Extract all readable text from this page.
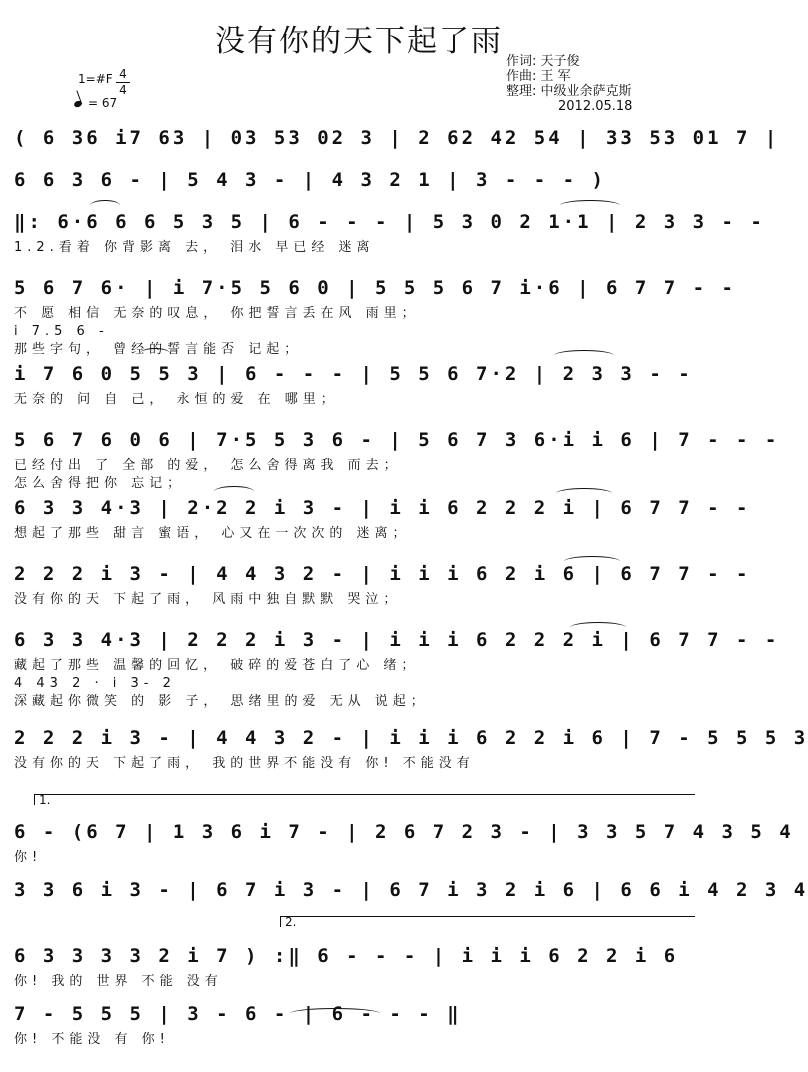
没有你的天下起了雨
作词: 天子俊
作曲: 王 军
整理: 中级业余萨克斯
2012.05.18
1=#F 4
4
= 67
( 6 36 i7 63 | 03 53 02 3 | 2 62 42 54 | 33 53 01 7 |
6 6 3 6 - | 5 4 3 - | 4 3 2 1 | 3 - - - )
‖: 6·6 6 6 5 3 5 | 6 - - - | 5 3 0 2 1·1 | 2 3 3 - -
1.2.看着 你背影离 去， 泪水 早已经 迷离
5 6 7 6· | i 7·5 5 6 0 | 5 5 5 6 7 i·6 | 6 7 7 - -
不 愿 相信 无奈的叹息， 你把誓言丢在风 雨里；
i 7.5 6 -
那些字句， 曾经的誓言能否 记起；
i 7 6 0 5 5 3 | 6 - - - | 5 5 6 7·2 | 2 3 3 - -
无奈的 问 自 己， 永恒的爱 在 哪里；
5 6 7 6 0 6 | 7·5 5 3 6 - | 5 6 7 3 6·i i 6 | 7 - - -
已经付出 了 全部 的爱， 怎么舍得离我 而去；
怎么舍得把你 忘记；
6 3 3 4·3 | 2·2 2 i 3 - | i i 6 2 2 2 i | 6 7 7 - -
想起了那些 甜言 蜜语， 心又在一次次的 迷离；
2 2 2 i 3 - | 4 4 3 2 - | i i i 6 2 i 6 | 6 7 7 - -
没有你的天 下起了雨， 风雨中独自默默 哭泣；
6 3 3 4·3 | 2 2 2 i 3 - | i i i 6 2 2 2 i | 6 7 7 - -
藏起了那些 温馨的回忆， 破碎的爱苍白了心 绪；
4 43 2 · i 3- 2
深藏起你微笑 的 影 子， 思绪里的爱 无从 说起；
2 2 2 i 3 - | 4 4 3 2 - | i i i 6 2 2 i 6 | 7 - 5 5 5 3
没有你的天 下起了雨， 我的世界不能没有 你! 不能没有
6 - (6 7 | 1 3 6 i 7 - | 2 6 7 2 3 - | 3 3 5 7 4 3 5 4
你!
3 3 6 i 3 - | 6 7 i 3 - | 6 7 i 3 2 i 6 | 6 6 i 4 2 3 4
6 3 3 3 3 2 i 7 ) :‖ 6 - - - | i i i 6 2 2 i 6
你! 我的 世界 不能 没有
7 - 5 5 5 | 3 - 6 - | 6 - - - ‖
你! 不能没 有 你!
1.
2.
